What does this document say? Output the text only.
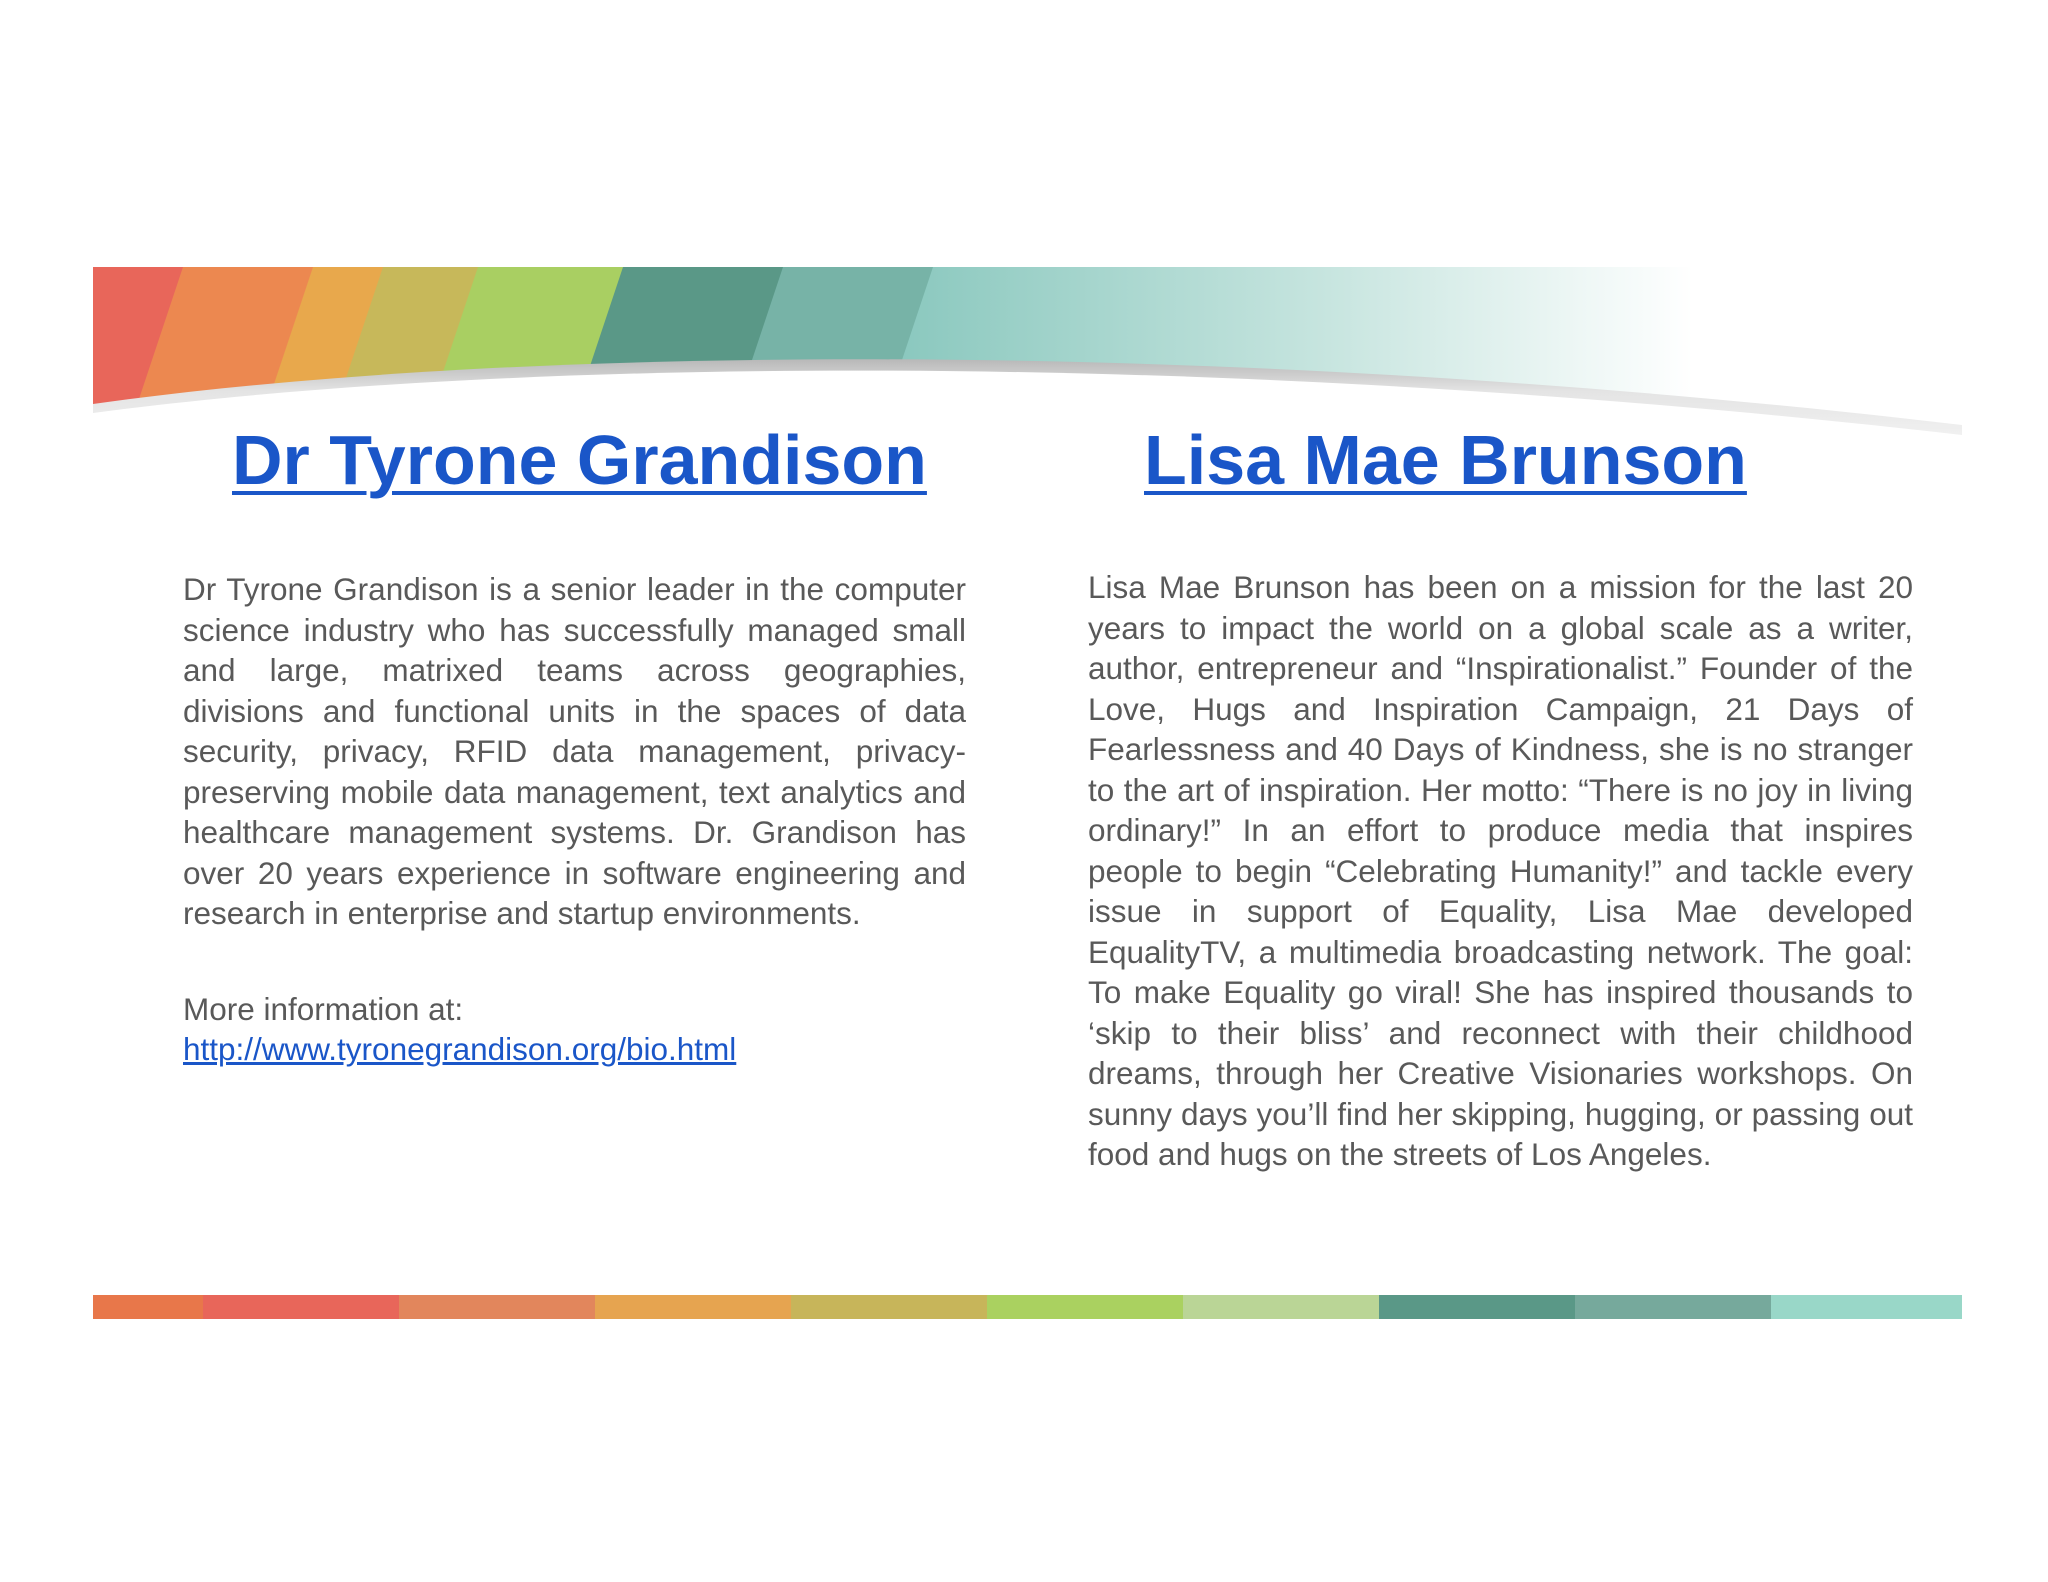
Dr Tyrone Grandison	Lisa Mae Brunson

Dr Tyrone Grandison is a senior leader in the computer science industry who has successfully managed small and large, matrixed teams across geographies, divisions and functional units in the spaces of data security, privacy, RFID data management, privacy-preserving mobile data management, text analytics and healthcare management systems. Dr. Grandison has over 20 years experience in software engineering and research in enterprise and startup environments.

More information at:
http://www.tyronegrandison.org/bio.html

Lisa Mae Brunson has been on a mission for the last 20 years to impact the world on a global scale as a writer, author, entrepreneur and “Inspirationalist.” Founder of the Love, Hugs and Inspiration Campaign, 21 Days of Fearlessness and 40 Days of Kindness, she is no stranger to the art of inspiration. Her motto: “There is no joy in living ordinary!” In an effort to produce media that inspires people to begin “Celebrating Humanity!” and tackle every issue in support of Equality, Lisa Mae developed EqualityTV, a multimedia broadcasting network. The goal: To make Equality go viral! She has inspired thousands to ‘skip to their bliss’ and reconnect with their childhood dreams, through her Creative Visionaries workshops. On sunny days you’ll find her skipping, hugging, or passing out food and hugs on the streets of Los Angeles.
